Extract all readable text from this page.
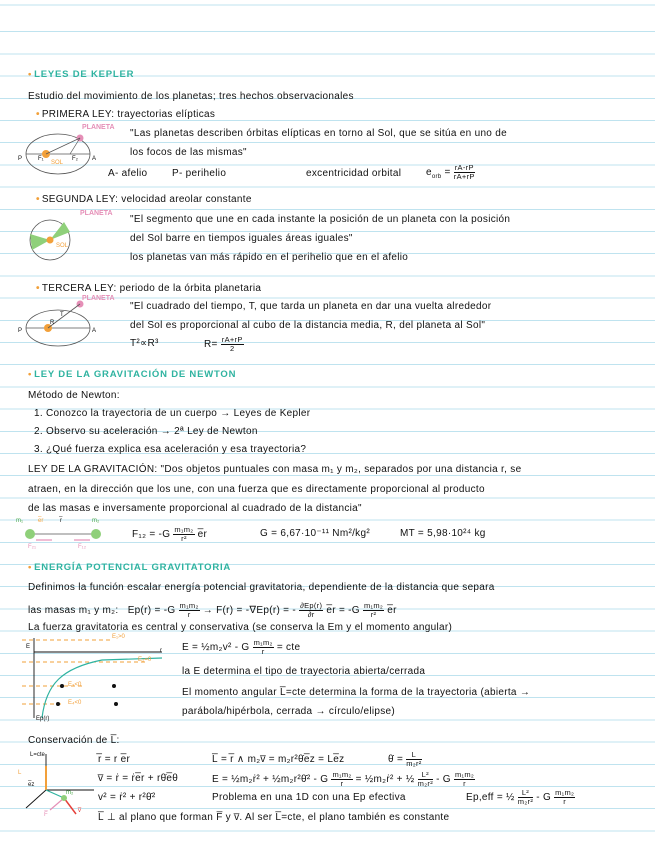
• LEYES DE KEPLER
Estudio del movimiento de los planetas; tres hechos observacionales
• PRIMERA LEY: trayectorias elípticas
PLANETA
P	A
F₁	F₂
SOL
"Las planetas describen órbitas elípticas en torno al Sol, que se sitúa en uno de
los focos de las mismas"
A- afelio P- perihelio	excentricidad orbital $e_{orb} = \frac{rA-rP}{rA+rP}$
• SEGUNDA LEY: velocidad areolar constante
PLANETA
SOL
"El segmento que une en cada instante la posición de un planeta con la posición
del Sol barre en tiempos iguales áreas iguales"
los planetas van más rápido en el perihelio que en el afelio
• TERCERA LEY: periodo de la órbita planetaria
PLANETA
T
R
P	A
"El cuadrado del tiempo, T, que tarda un planeta en dar una vuelta alrededor
del Sol es proporcional al cubo de la distancia media, R, del planeta al Sol"
T²∝R³	$R= \frac{rA+rP}{2}$
• LEY DE LA GRAVITACIÓN DE NEWTON
Método de Newton:
1. Conozco la trayectoria de un cuerpo → Leyes de Kepler
2. Observo su aceleración → 2ª Ley de Newton
3. ¿Qué fuerza explica esa aceleración y esa trayectoria?
LEY DE LA GRAVITACIÓN: "Dos objetos puntuales con masa m₁ y m₂, separados por una distancia r, se
atraen, en la dirección que los une, con una fuerza que es directamente proporcional al producto
de las masas e inversamente proporcional al cuadrado de la distancia"
m₁	m₂
e̅r	r̅
F₂₁	F₁₂
$F_{12} = -G \frac{\text{m₁m₂}}{\text{r²}}$ e̅r	G = 6,67·10⁻¹¹ Nm²/kg²	MT = 5,98·10²⁴ kg
• ENERGÍA POTENCIAL GRAVITATORIA
Definimos la función escalar energía potencial gravitatoria, dependiente de la distancia que separa
las masas m₁ y m₂: $Ep(r) = -G \frac{\text{m₁m₂}}{r} \to F(r) = -\nabla Ep(r)$ = - $\frac{\partial Ep(r)}{\partial r}$ e̅r = $-G \frac{\text{m₁m₂}}{\text{r²}}$ e̅r
La fuerza gravitatoria es central y conservativa (se conserva la Em y el momento angular)
E₁>0
E₂=0
E₃<0
E₄<0
E
r
Ep(r)
E = ½m₂v² - G $\frac{\text{m₁m₂}}{r}$ = cte
la E determina el tipo de trayectoria abierta/cerrada
El momento angular L̅=cte determina la forma de la trayectoria (abierta →
parábola/hipérbola, cerrada → círculo/elipse)
Conservación de L̅:
L=cte
L
e̅z
m₂
v̅
F̅
r̅ = r e̅r
v̅ = ṙ = ṙe̅r + rθ̇e̅θ
v² = ṙ² + r²θ̇²
L̅ = r̅ ∧ m₂v̅ = m₂r²θ̇e̅z = Le̅z	θ̇ = $\frac{L}{\text{m₂r²}}$
E = ½m₂ṙ² + ½m₂r²θ̇² - G $\frac{\text{m₁m₂}}{r}$ = ½m₂ṙ² + ½ $\frac{\text{L²}}{\text{m₂r²}}$ - G $\frac{\text{m₁m₂}}{r}$
Problema en una 1D con una Ep efectiva	Ep,eff = ½ $\frac{\text{L²}}{\text{m₂r²}}$ - G $\frac{\text{m₁m₂}}{r}$
L̅ ⊥ al plano que forman F̅ y v̅. Al ser L̅=cte, el plano también es constante
